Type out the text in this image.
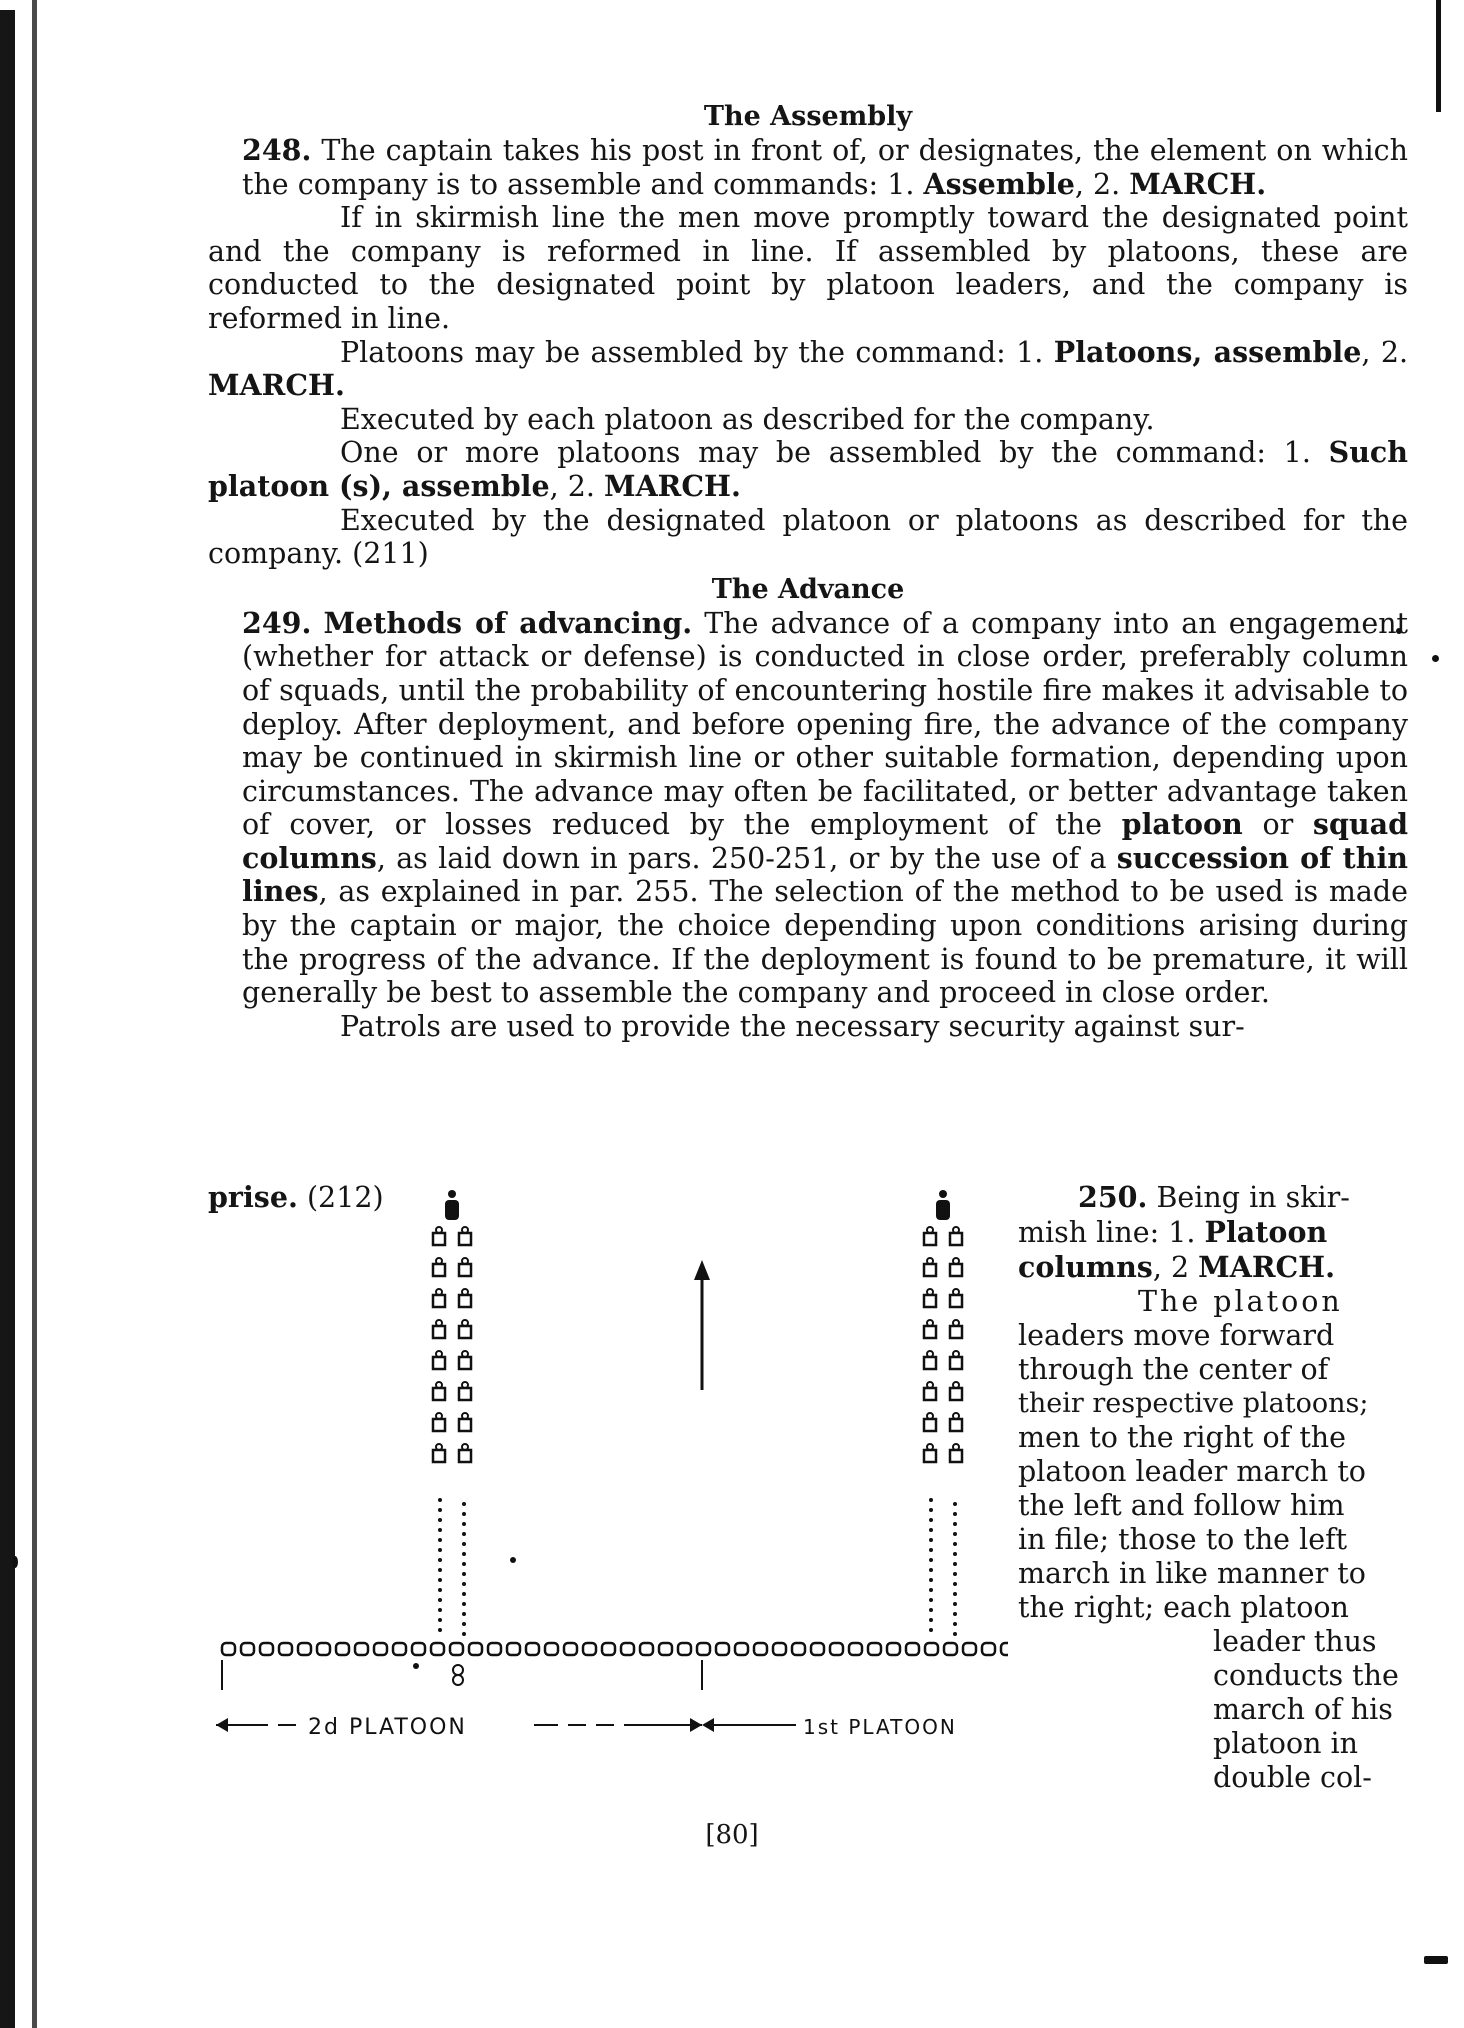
The Assembly

248. The captain takes his post in front of, or designates, the element on which the company is to assemble and commands: 1. Assemble, 2. MARCH.

If in skirmish line the men move promptly toward the designated point and the company is reformed in line. If assembled by platoons, these are conducted to the designated point by platoon leaders, and the company is reformed in line.

Platoons may be assembled by the command: 1. Platoons, assemble, 2. MARCH.

Executed by each platoon as described for the company.

One or more platoons may be assembled by the command: 1. Such platoon (s), assemble, 2. MARCH.

Executed by the designated platoon or platoons as described for the company. (211)

The Advance

249. Methods of advancing. The advance of a company into an engagement (whether for attack or defense) is conducted in close order, preferably column of squads, until the probability of encountering hostile fire makes it advisable to deploy. After deployment, and before opening fire, the advance of the company may be continued in skirmish line or other suitable formation, depending upon circumstances. The advance may often be facilitated, or better advantage taken of cover, or losses reduced by the employment of the platoon or squad columns, as laid down in pars. 250-251, or by the use of a succession of thin lines, as explained in par. 255. The selection of the method to be used is made by the captain or major, the choice depending upon conditions arising during the progress of the advance. If the deployment is found to be premature, it will generally be best to assemble the company and proceed in close order.

Patrols are used to provide the necessary security against sur-

prise. (212)
2d PLATOON	1st PLATOON
250. Being in skir-
mish line: 1. Platoon
columns, 2 MARCH.
The platoon
leaders move forward
through the center of
their respective platoons;
men to the right of the
platoon leader march to
the left and follow him
in file; those to the left
march in like manner to
the right; each platoon
leader thus
conducts the
march of his
platoon in
double col-
[80]
